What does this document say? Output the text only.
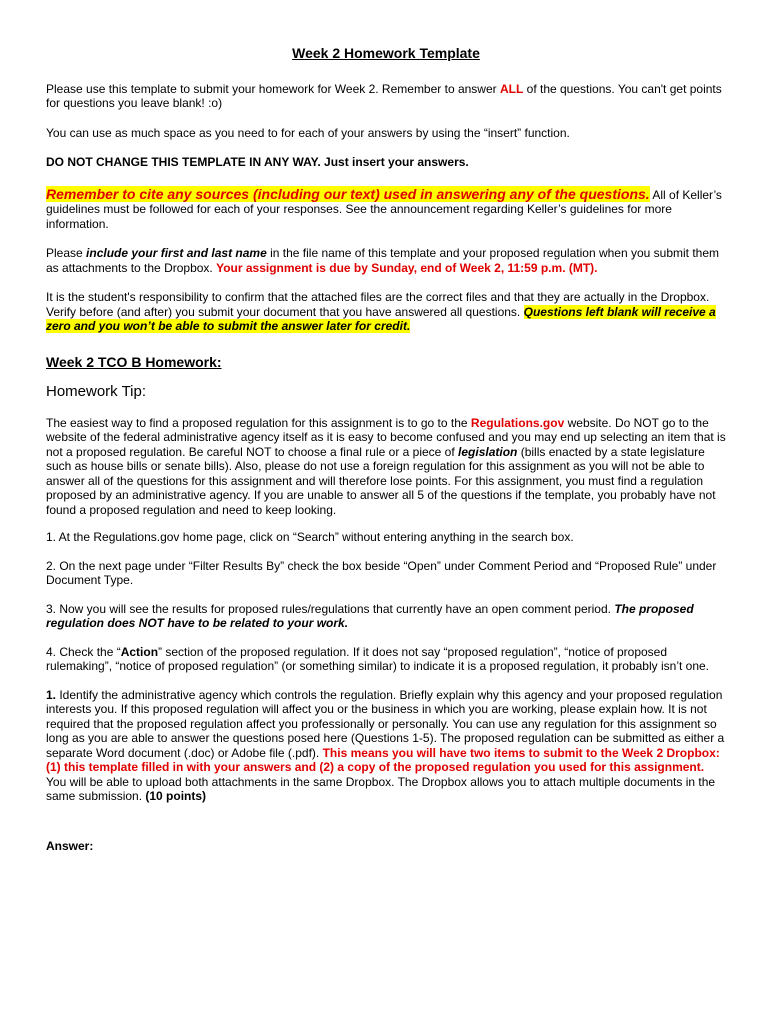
Week 2 Homework Template

Please use this template to submit your homework for Week 2. Remember to answer ALL of the questions. You can't get points for questions you leave blank! :o)

You can use as much space as you need to for each of your answers by using the “insert” function.

DO NOT CHANGE THIS TEMPLATE IN ANY WAY. Just insert your answers.

Remember to cite any sources (including our text) used in answering any of the questions. All of Keller’s guidelines must be followed for each of your responses. See the announcement regarding Keller’s guidelines for more information.

Please include your first and last name in the file name of this template and your proposed regulation when you submit them as attachments to the Dropbox. Your assignment is due by Sunday, end of Week 2, 11:59 p.m. (MT).

It is the student's responsibility to confirm that the attached files are the correct files and that they are actually in the Dropbox. Verify before (and after) you submit your document that you have answered all questions. Questions left blank will receive a zero and you won’t be able to submit the answer later for credit.

Week 2 TCO B Homework:

Homework Tip:

The easiest way to find a proposed regulation for this assignment is to go to the Regulations.gov website. Do NOT go to the website of the federal administrative agency itself as it is easy to become confused and you may end up selecting an item that is not a proposed regulation. Be careful NOT to choose a final rule or a piece of legislation (bills enacted by a state legislature such as house bills or senate bills). Also, please do not use a foreign regulation for this assignment as you will not be able to answer all of the questions for this assignment and will therefore lose points. For this assignment, you must find a regulation proposed by an administrative agency. If you are unable to answer all 5 of the questions if the template, you probably have not found a proposed regulation and need to keep looking.

1. At the Regulations.gov home page, click on “Search” without entering anything in the search box.

2. On the next page under “Filter Results By” check the box beside “Open” under Comment Period and “Proposed Rule” under Document Type.

3. Now you will see the results for proposed rules/regulations that currently have an open comment period. The proposed regulation does NOT have to be related to your work.

4. Check the “Action” section of the proposed regulation. If it does not say “proposed regulation”, “notice of proposed rulemaking”, “notice of proposed regulation” (or something similar) to indicate it is a proposed regulation, it probably isn’t one.

1. Identify the administrative agency which controls the regulation. Briefly explain why this agency and your proposed regulation interests you. If this proposed regulation will affect you or the business in which you are working, please explain how. It is not required that the proposed regulation affect you professionally or personally. You can use any regulation for this assignment so long as you are able to answer the questions posed here (Questions 1-5). The proposed regulation can be submitted as either a separate Word document (.doc) or Adobe file (.pdf). This means you will have two items to submit to the Week 2 Dropbox: (1) this template filled in with your answers and (2) a copy of the proposed regulation you used for this assignment. You will be able to upload both attachments in the same Dropbox. The Dropbox allows you to attach multiple documents in the same submission. (10 points)

Answer:
